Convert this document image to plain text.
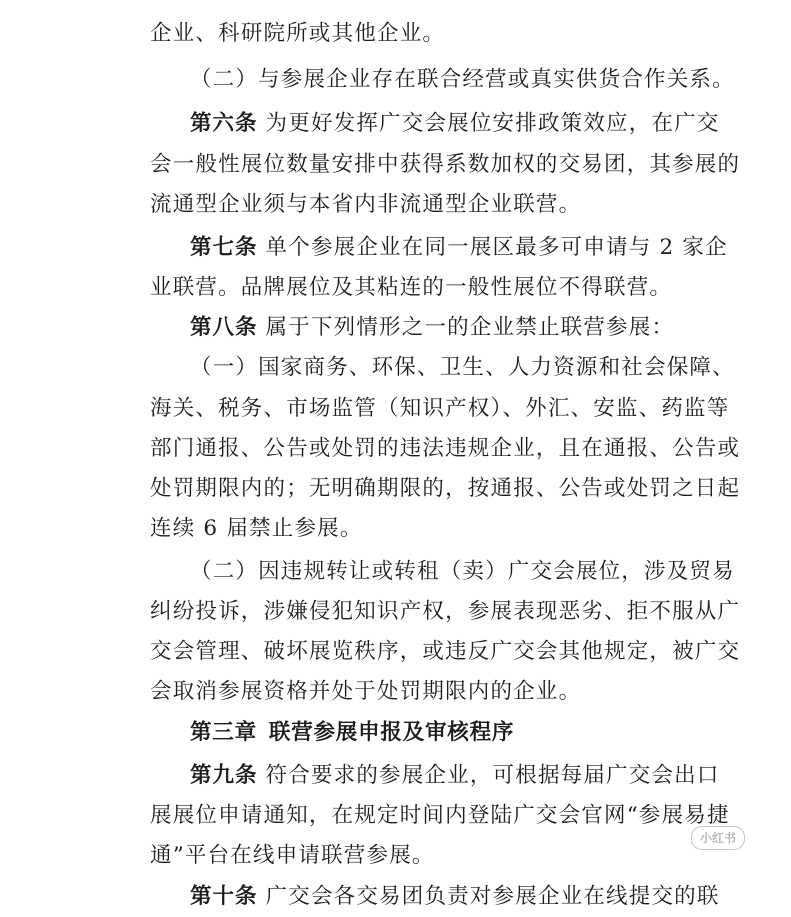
企业、科研院所或其他企业。
（二）与参展企业存在联合经营或真实供货合作关系。
第六条 为更好发挥广交会展位安排政策效应，在广交
会一般性展位数量安排中获得系数加权的交易团，其参展的
流通型企业须与本省内非流通型企业联营。
第七条 单个参展企业在同一展区最多可申请与 2 家企
业联营。品牌展位及其粘连的一般性展位不得联营。
第八条 属于下列情形之一的企业禁止联营参展：
（一）国家商务、环保、卫生、人力资源和社会保障、
海关、税务、市场监管（知识产权）、外汇、安监、药监等
部门通报、公告或处罚的违法违规企业，且在通报、公告或
处罚期限内的；无明确期限的，按通报、公告或处罚之日起
连续 6 届禁止参展。
（二）因违规转让或转租（卖）广交会展位，涉及贸易
纠纷投诉，涉嫌侵犯知识产权，参展表现恶劣、拒不服从广
交会管理、破坏展览秩序，或违反广交会其他规定，被广交
会取消参展资格并处于处罚期限内的企业。
第三章 联营参展申报及审核程序
第九条 符合要求的参展企业，可根据每届广交会出口
展展位申请通知，在规定时间内登陆广交会官网“参展易捷
通”平台在线申请联营参展。
第十条 广交会各交易团负责对参展企业在线提交的联
小红书
